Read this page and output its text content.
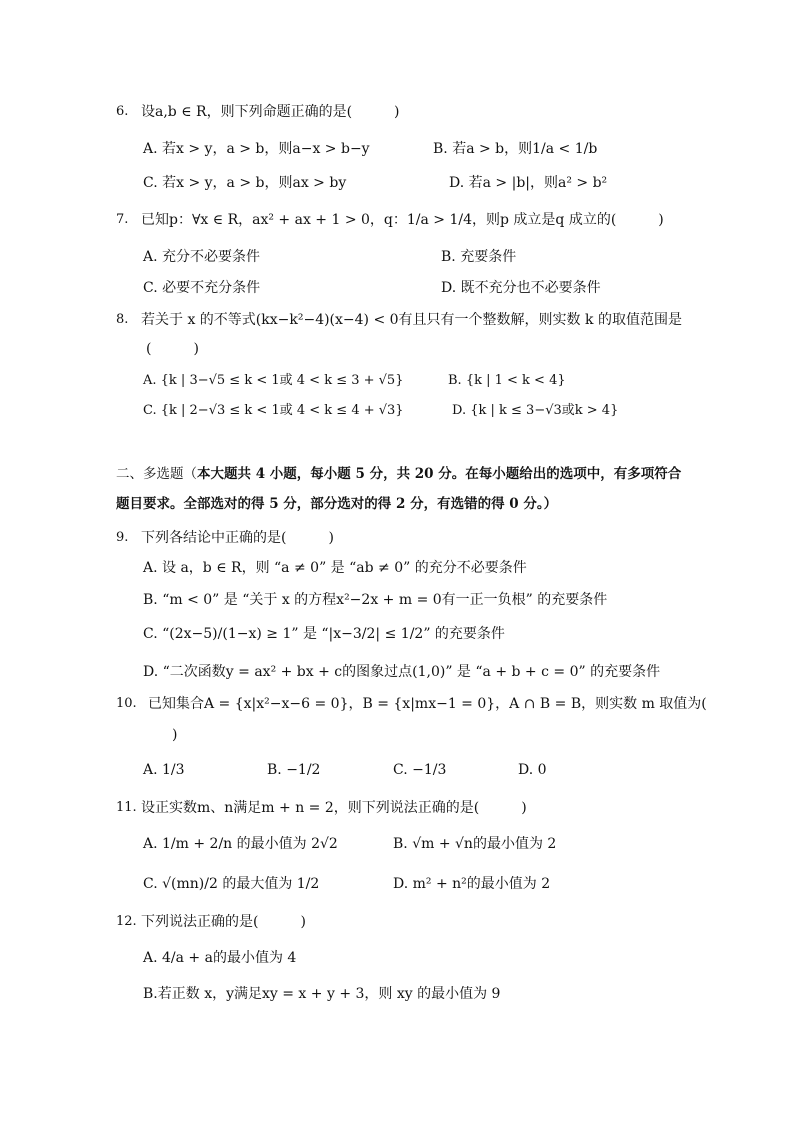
6. 设a,b ∈ R，则下列命题正确的是(　　　)
A. 若x > y，a > b，则a−x > b−y	B. 若a > b，则1/a < 1/b
C. 若x > y，a > b，则ax > by	D. 若a > |b|，则a² > b²
7. 已知p：∀x ∈ R，ax² + ax + 1 > 0，q：1/a > 1/4，则p 成立是q 成立的(　　　)
A. 充分不必要条件	B. 充要条件
C. 必要不充分条件	D. 既不充分也不必要条件
8. 若关于 x 的不等式(kx−k²−4)(x−4) < 0有且只有一个整数解，则实数 k 的取值范围是
(　　　)
A. {k | 3−√5 ≤ k < 1或 4 < k ≤ 3 + √5}	B. {k | 1 < k < 4}
C. {k | 2−√3 ≤ k < 1或 4 < k ≤ 4 + √3}	D. {k | k ≤ 3−√3或k > 4}
二、多选题（本大题共 4 小题，每小题 5 分，共 20 分。在每小题给出的选项中，有多项符合
题目要求。全部选对的得 5 分，部分选对的得 2 分，有选错的得 0 分。）
9. 下列各结论中正确的是(　　　)
A. 设 a，b ∈ R，则 “a ≠ 0” 是 “ab ≠ 0” 的充分不必要条件
B. “m < 0” 是 “关于 x 的方程x²−2x + m = 0有一正一负根” 的充要条件
C. “(2x−5)/(1−x) ≥ 1” 是 “|x−3/2| ≤ 1/2” 的充要条件
D. “二次函数y = ax² + bx + c的图象过点(1,0)” 是 “a + b + c = 0” 的充要条件
10. 已知集合A = {x|x²−x−6 = 0}，B = {x|mx−1 = 0}，A ∩ B = B，则实数 m 取值为(
)
A. 1/3	B. −1/2	C. −1/3	D. 0
11. 设正实数m、n满足m + n = 2，则下列说法正确的是(　　　)
A. 1/m + 2/n 的最小值为 2√2	B. √m + √n的最小值为 2
C. √(mn)/2 的最大值为 1/2	D. m² + n²的最小值为 2
12. 下列说法正确的是(　　　)
A. 4/a + a的最小值为 4
B.若正数 x，y满足xy = x + y + 3，则 xy 的最小值为 9
